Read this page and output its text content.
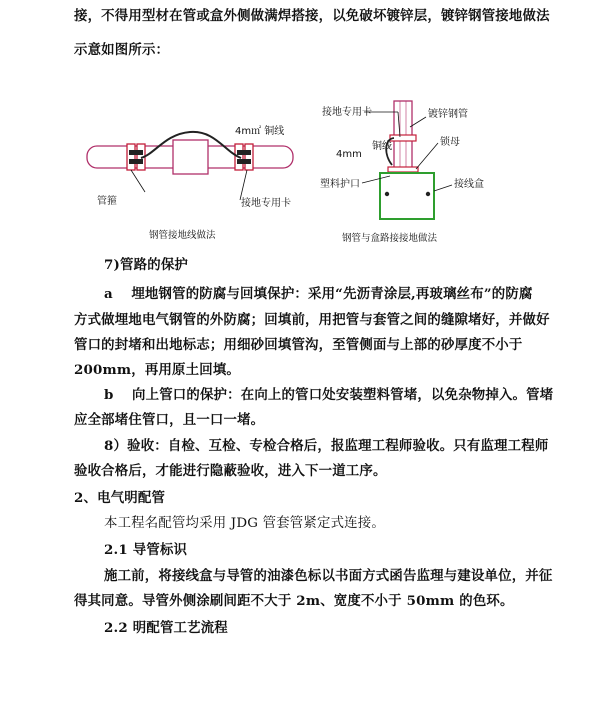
接，不得用型材在管或盒外侧做满焊搭接，以免破坏镀锌层，镀锌钢管接地做法
示意如图所示：
4m㎡ 铜线
管箍	接地专用卡
钢管接地线做法
接地专用卡	镀锌钢管
4mm
铜线	锁母
塑料护口	接线盒
钢管与盒路接接地做法
7)管路的保护
a　 埋地钢管的防腐与回填保护：采用“先沥青涂层,再玻璃丝布”的防腐
方式做埋地电气钢管的外防腐；回填前，用把管与套管之间的缝隙堵好，并做好
管口的封堵和出地标志；用细砂回填管沟，至管侧面与上部的砂厚度不小于
200mm，再用原土回填。
b　 向上管口的保护：在向上的管口处安装塑料管堵，以免杂物掉入。管堵
应全部堵住管口，且一口一堵。
8）验收：自检、互检、专检合格后，报监理工程师验收。只有监理工程师
验收合格后，才能进行隐蔽验收，进入下一道工序。
2、电气明配管
本工程名配管均采用 JDG 管套管紧定式连接。
2.1 导管标识
施工前，将接线盒与导管的油漆色标以书面方式函告监理与建设单位，并征
得其同意。导管外侧涂刷间距不大于 2m、宽度不小于 50mm 的色环。
2.2 明配管工艺流程
